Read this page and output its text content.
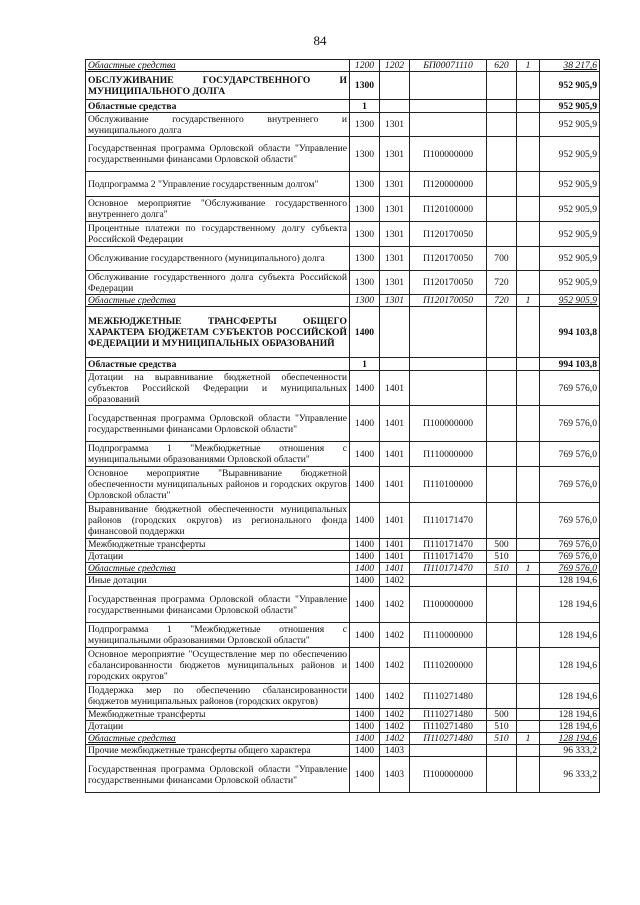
84
Областные средства	1200	1202	БП00071110	620	1	38 217,6
ОБСЛУЖИВАНИЕ ГОСУДАРСТВЕННОГО И МУНИЦИПАЛЬНОГО ДОЛГА	1300					952 905,9
Областные средства	1					952 905,9
Обслуживание государственного внутреннего и муниципального долга	1300	1301				952 905,9
Государственная программа Орловской области "Управление государственными финансами Орловской области"	1300	1301	П100000000			952 905,9
Подпрограмма 2 "Управление государственным долгом"	1300	1301	П120000000			952 905,9
Основное мероприятие "Обслуживание государственного внутреннего долга"	1300	1301	П120100000			952 905,9
Процентные платежи по государственному долгу субъекта Российской Федерации	1300	1301	П120170050			952 905,9
Обслуживание государственного (муниципального) долга	1300	1301	П120170050	700		952 905,9
Обслуживание государственного долга субъекта Российской Федерации	1300	1301	П120170050	720		952 905,9
Областные средства	1300	1301	П120170050	720	1	952 905,9
МЕЖБЮДЖЕТНЫЕ ТРАНСФЕРТЫ ОБЩЕГО ХАРАКТЕРА БЮДЖЕТАМ СУБЪЕКТОВ РОССИЙСКОЙ ФЕДЕРАЦИИ И МУНИЦИПАЛЬНЫХ ОБРАЗОВАНИЙ	1400					994 103,8
Областные средства	1					994 103,8
Дотации на выравнивание бюджетной обеспеченности субъектов Российской Федерации и муниципальных образований	1400	1401				769 576,0
Государственная программа Орловской области "Управление государственными финансами Орловской области"	1400	1401	П100000000			769 576,0
Подпрограмма 1 "Межбюджетные отношения с муниципальными образованиями Орловской области"	1400	1401	П110000000			769 576,0
Основное мероприятие "Выравнивание бюджетной обеспеченности муниципальных районов и городских округов Орловской области"	1400	1401	П110100000			769 576,0
Выравнивание бюджетной обеспеченности муниципальных районов (городских округов) из регионального фонда финансовой поддержки	1400	1401	П110171470			769 576,0
Межбюджетные трансферты	1400	1401	П110171470	500		769 576,0
Дотации	1400	1401	П110171470	510		769 576,0
Областные средства	1400	1401	П110171470	510	1	769 576,0
Иные дотации	1400	1402				128 194,6
Государственная программа Орловской области "Управление государственными финансами Орловской области"	1400	1402	П100000000			128 194,6
Подпрограмма 1 "Межбюджетные отношения с муниципальными образованиями Орловской области"	1400	1402	П110000000			128 194,6
Основное мероприятие "Осуществление мер по обеспечению сбалансированности бюджетов муниципальных районов и городских округов"	1400	1402	П110200000			128 194,6
Поддержка мер по обеспечению сбалансированности бюджетов муниципальных районов (городских округов)	1400	1402	П110271480			128 194,6
Межбюджетные трансферты	1400	1402	П110271480	500		128 194,6
Дотации	1400	1402	П110271480	510		128 194,6
Областные средства	1400	1402	П110271480	510	1	128 194,6
Прочие межбюджетные трансферты общего характера	1400	1403				96 333,2
Государственная программа Орловской области "Управление государственными финансами Орловской области"	1400	1403	П100000000			96 333,2
